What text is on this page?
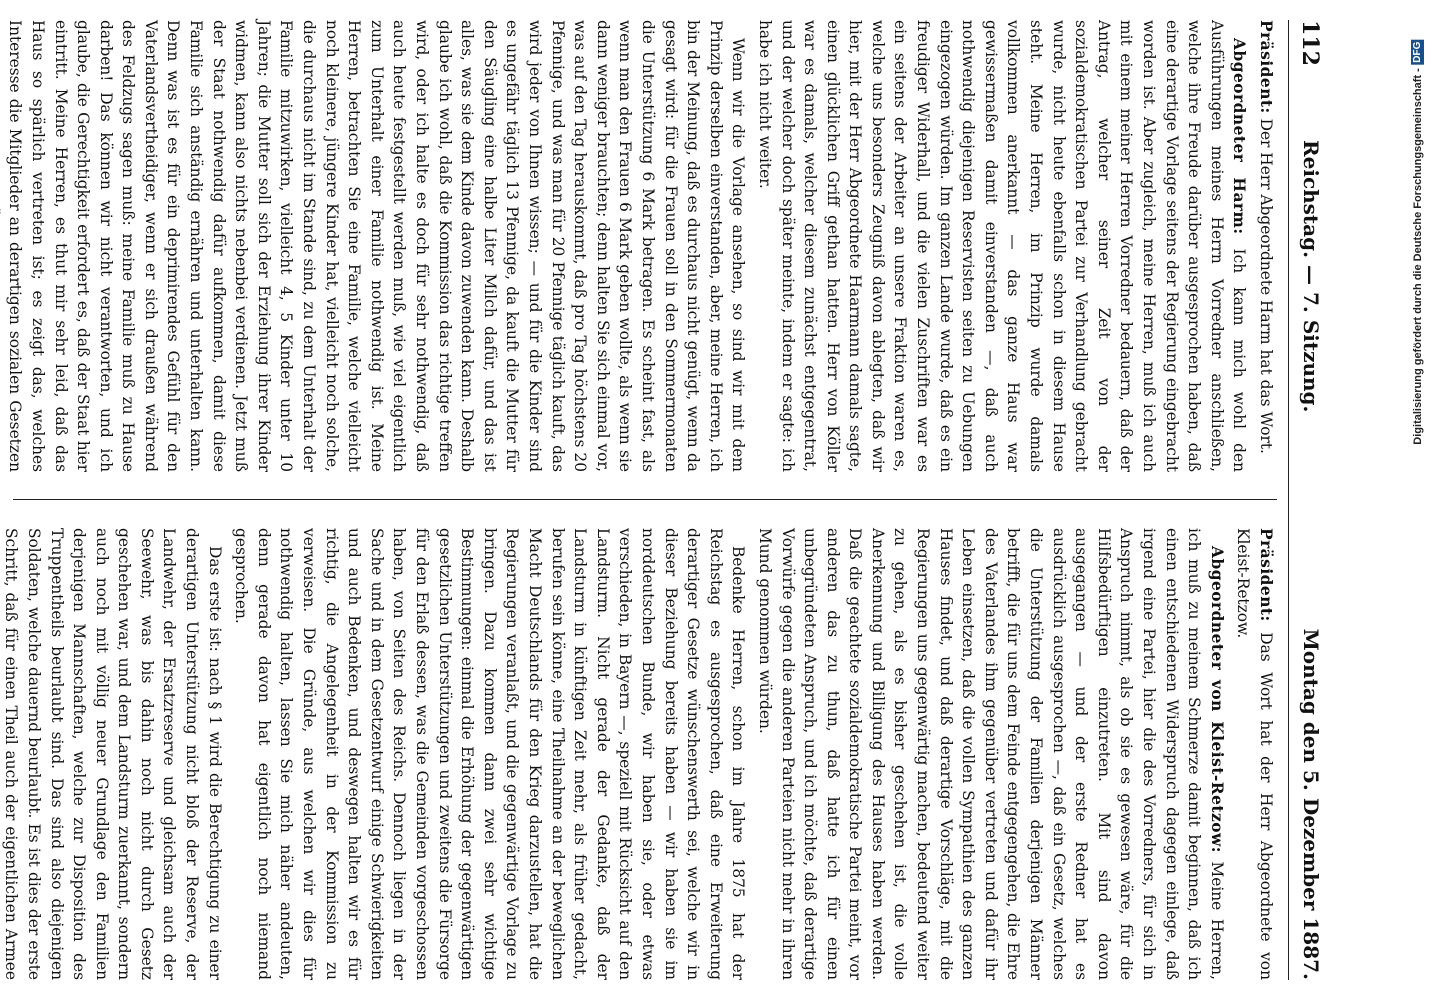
112
Reichstag. — 7. Sitzung.
Montag den 5. Dezember 1887.

Präsident: Der Herr Abgeordnete Harm hat das Wort.

Abgeordneter Harm: Ich kann mich wohl den Ausführungen meines Herrn Vorredner anschließen, welche ihre Freude darüber ausgesprochen haben, daß eine derartige Vorlage seitens der Regierung eingebracht worden ist. Aber zugleich, meine Herren, muß ich auch mit einem meiner Herren Vorredner bedauern, daß der Antrag, welcher seiner Zeit von der sozialdemokratischen Partei zur Verhandlung gebracht wurde, nicht heute ebenfalls schon in diesem Hause steht. Meine Herren, im Prinzip wurde damals vollkommen anerkannt — das ganze Haus war gewissermaßen damit einverstanden —, daß auch nothwendig diejenigen Reservisten seiten zu Uebungen eingezogen würden. Im ganzen Lande wurde, daß es ein freudiger Widerhall, und die vielen Zuschriften war es ein seitens der Arbeiter an unsere Fraktion waren es, welche uns besonders Zeugniß davon ablegten, daß wir hier, mit der Herr Abgeordnete Haarmann damals sagte, einen glücklichen Griff gethan hatten. Herr von Köller war es damals, welcher diesem zunächst entgegentrat, und der welcher doch später meinte, indem er sagte: ich habe ich nicht weiter.

Wenn wir die Vorlage ansehen, so sind wir mit dem Prinzip derselben einverstanden, aber, meine Herren, ich bin der Meinung, daß es durchaus nicht genügt, wenn da gesagt wird: für die Frauen soll in den Sommermonaten die Unterstützung 6 Mark betragen. Es scheint fast, als wenn man den Frauen 6 Mark geben wollte, als wenn sie dann weniger brauchten; denn halten Sie sich einmal vor, was auf den Tag herauskommt, daß pro Tag höchstens 20 Pfennige, und was man für 20 Pfennige täglich kauft, das wird jeder von Ihnen wissen; — und für die Kinder sind es ungefähr täglich 13 Pfennige, da kauft die Mutter für den Säugling eine halbe Liter Milch dafür, und das ist alles, was sie dem Kinde davon zuwenden kann. Deshalb glaube ich wohl, daß die Kommission das richtige treffen wird, oder ich halte es doch für sehr nothwendig, daß auch heute festgestellt werden muß, wie viel eigentlich zum Unterhalt einer Familie nothwendig ist. Meine Herren, betrachten Sie eine Familie, welche vielleicht noch kleinere, jüngere Kinder hat, vielleicht noch solche, die durchaus nicht im Stande sind, zu dem Unterhalt der Familie mitzuwirken, vielleicht 4, 5 Kinder unter 10 Jahren; die Mutter soll sich der Erziehung ihrer Kinder widmen, kann also nichts nebenbei verdienen. Jetzt muß der Staat nothwendig dafür aufkommen, damit diese Familie sich anständig ernähren und unterhalten kann. Denn was ist es für ein deprimirendes Gefühl für den Vaterlandsvertheidiger, wenn er sich draußen während des Feldzugs sagen muß: meine Familie muß zu Hause darben! Das können wir nicht verantworten, und ich glaube, die Gerechtigkeit erfordert es, daß der Staat hier eintritt. Meine Herren, es thut mir sehr leid, daß das Haus so spärlich vertreten ist; es zeigt das, welches Interesse die Mitglieder an derartigen sozialen Gesetzen

Präsident: Das Wort hat der Herr Abgeordnete von Kleist-Retzow.

Abgeordneter von Kleist-Retzow: Meine Herren, ich muß zu meinem Schmerze damit beginnen, daß ich einen entschiedenen Widerspruch dagegen einlege, daß irgend eine Partei, hier die des Vorredners, für sich in Anspruch nimmt, als ob sie es gewesen wäre, für die Hilfsbedürftigen einzutreten. Mit sind davon ausgegangen — und der erste Redner hat es ausdrücklich ausgesprochen —, daß ein Gesetz, welches die Unterstützung der Familien derjenigen Männer betrifft, die für uns dem Feinde entgegengehen, die Ehre des Vaterlandes ihm gegenüber vertreten und dafür ihr Leben einsetzen, daß die vollen Sympathien des ganzen Hauses findet, und daß derartige Vorschläge, mit die Regierungen uns gegenwärtig machen, bedeutend weiter zu gehen, als es bisher geschehen ist, die volle Anerkennung und Billigung des Hauses haben werden. Daß die geachtete sozialdemokratische Partei meint, vor anderen das zu thun, daß hatte ich für einen unbegründeten Anspruch, und ich möchte, daß derartige Vorwürfe gegen die anderen Parteien nicht mehr in ihren Mund genommen würden.

Bedenke Herren, schon im Jahre 1875 hat der Reichstag es ausgesprochen, daß eine Erweiterung derartiger Gesetze wünschenswerth sei, welche wir in dieser Beziehung bereits haben — wir haben sie im norddeutschen Bunde, wir haben sie, oder etwas verschieden, in Bayern —, speziell mit Rücksicht auf den Landsturm. Nicht gerade der Gedanke, daß der Landsturm in künftigen Zeit mehr, als früher gedacht, berufen sein könne, eine Theilnahme an der beweglichen Macht Deutschlands für den Krieg darzustellen, hat die Regierungen veranlaßt, und die gegenwärtige Vorlage zu bringen. Dazu kommen dann zwei sehr wichtige Bestimmungen: einmal die Erhöhung der gegenwärtigen gesetzlichen Unterstützungen und zweitens die Fürsorge für den Erlaß dessen, was die Gemeinden vorgeschossen haben, von Seiten des Reichs. Dennoch liegen in der Sache und in dem Gesetzentwurf einige Schwierigkeiten und auch Bedenken, und deswegen halten wir es für richtig, die Angelegenheit in der Kommission zu verweisen. Die Gründe, aus welchen wir dies für nothwendig halten, lassen Sie mich näher andeuten, denn gerade davon hat eigentlich noch niemand gesprochen.

Das erste ist: nach § 1 wird die Berechtigung zu einer derartigen Unterstützung nicht bloß der Reserve, der Landwehr, der Ersatzreserve und gleichsam auch der Seewehr, was bis dahin noch nicht durch Gesetz geschehen war, und dem Landsturm zuerkannt, sondern auch noch mit völlig neuer Grundlage den Familien derjenigen Mannschaften, welche zur Disposition des Truppentheils beurlaubt sind. Das sind also diejenigen Soldaten, welche dauernd beurlaubt. Es ist dies der erste Schritt, daß für einen Theil auch der eigentlichen Armee

Digitalisierung gefördert durch die Deutsche Forschungsgemeinschaft - DFG
